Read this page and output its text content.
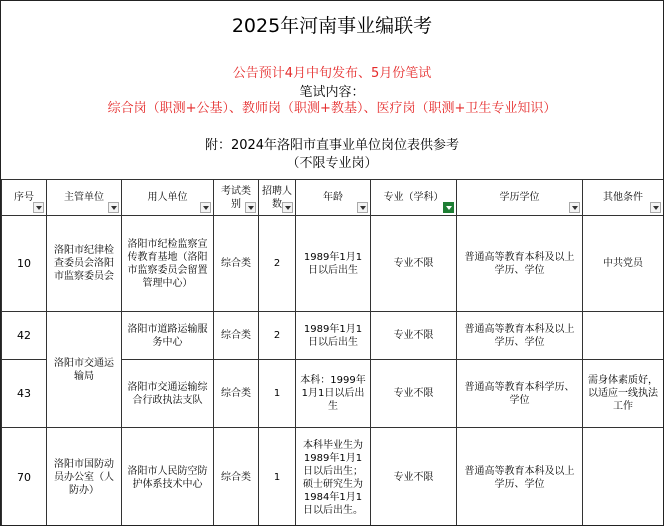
2025年河南事业编联考
公告预计4月中旬发布、5月份笔试
笔试内容：
综合岗（职测+公基）、教师岗（职测+教基）、医疗岗（职测+卫生专业知识）
附：2024年洛阳市直事业单位岗位表供参考
（不限专业岗）
序号	主管单位	用人单位	考试类别	招聘人数	年龄	专业（学科）	学历学位	其他条件

10	洛阳市纪律检查委员会洛阳市监察委员会	洛阳市纪检监察宣传教育基地（洛阳市监察委员会留置管理中心）	综合类	2	1989年1月1日以后出生	专业不限	普通高等教育本科及以上学历、学位	中共党员
42	洛阳市交通运输局	洛阳市道路运输服务中心	综合类	2	1989年1月1日以后出生	专业不限	普通高等教育本科及以上学历、学位	
43		洛阳市交通运输综合行政执法支队	综合类	1	本科：1999年1月1日以后出生	专业不限	普通高等教育本科学历、学位	需身体素质好，以适应一线执法工作
70	洛阳市国防动员办公室（人防办）	洛阳市人民防空防护体系技术中心	综合类	1	本科毕业生为1989年1月1日以后出生；硕士研究生为1984年1月1日以后出生。	专业不限	普通高等教育本科及以上学历、学位	
